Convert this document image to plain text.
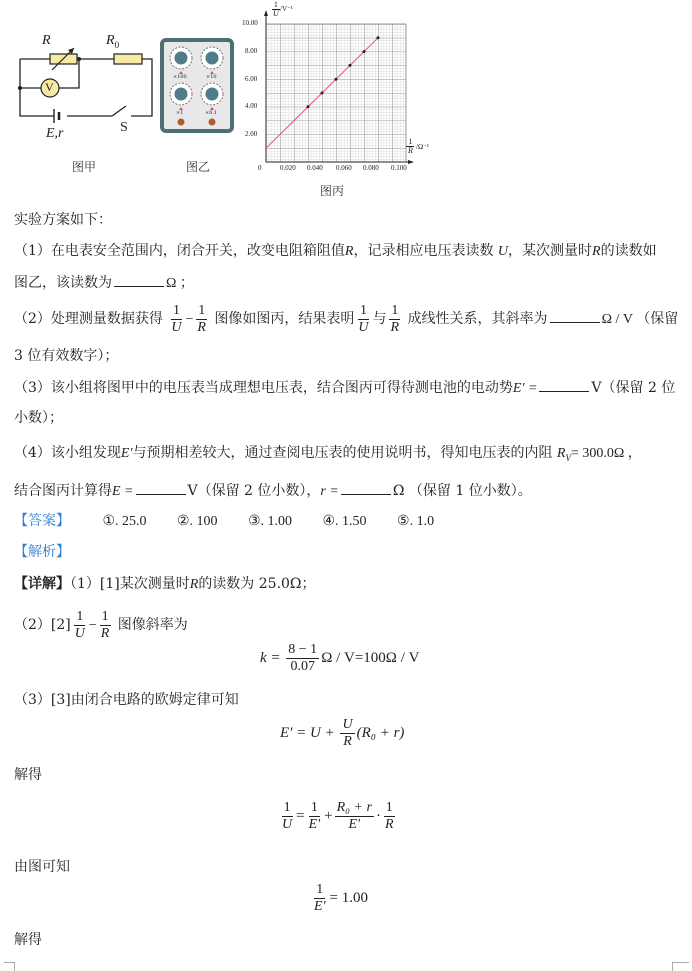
R	$R_0$
V
E,r	S
图甲
×100	×10
×1	×0.1
图乙
$\frac{1}{U} /V^{-1}$
10.00
8.00
6.00
4.00
2.00
$\frac{1}{R} /\Omega^{-1}$
0	0.020 0.040 0.060 0.080 0.100
图丙
实验方案如下：
（1）在电表安全范围内，闭合开关，改变电阻箱阻值R，记录相应电压表读数 U，某次测量时R的读数如
图乙，该读数为	Ω ；
（2）处理测量数据获得 $\frac{1}{U} - \frac{1}{R}$ 图像如图丙，结果表明 $\frac{1}{U}$ 与 $\frac{1}{R}$ 成线性关系，其斜率为	Ω / V （保留
3 位有效数字）；
（3）该小组将图甲中的电压表当成理想电压表，结合图丙可得待测电池的电动势E' =	V（保留 2 位
小数）；
（4）该小组发现E'与预期相差较大，通过查阅电压表的使用说明书，得知电压表的内阻 $R_V= 300.0\Omega$ ，
结合图丙计算得E =	V（保留 2 位小数），r =	Ω （保留 1 位小数）。
【答案】 ①. 25.0 ②. 100 ③. 1.00 ④. 1.50 ⑤. 1.0
【解析】
【详解】（1）[1]某次测量时R的读数为 25.0Ω；
$(2)[2] \frac{1}{U} - \frac{1}{R}$ 图像斜率为
$k = \frac{8 - 1}{0.07}$ Ω / V=100Ω / V
（3）[3]由闭合电路的欧姆定律可知
$E' = U + \frac{U}{R} (R_0 + r)$
解得
$\frac{1}{U} = \frac{1}{E'} + \frac{\text{R₀ + r}}{E'} \cdot \frac{1}{R}$
由图可知
$\frac{1}{E'} = 1.00$
解得
